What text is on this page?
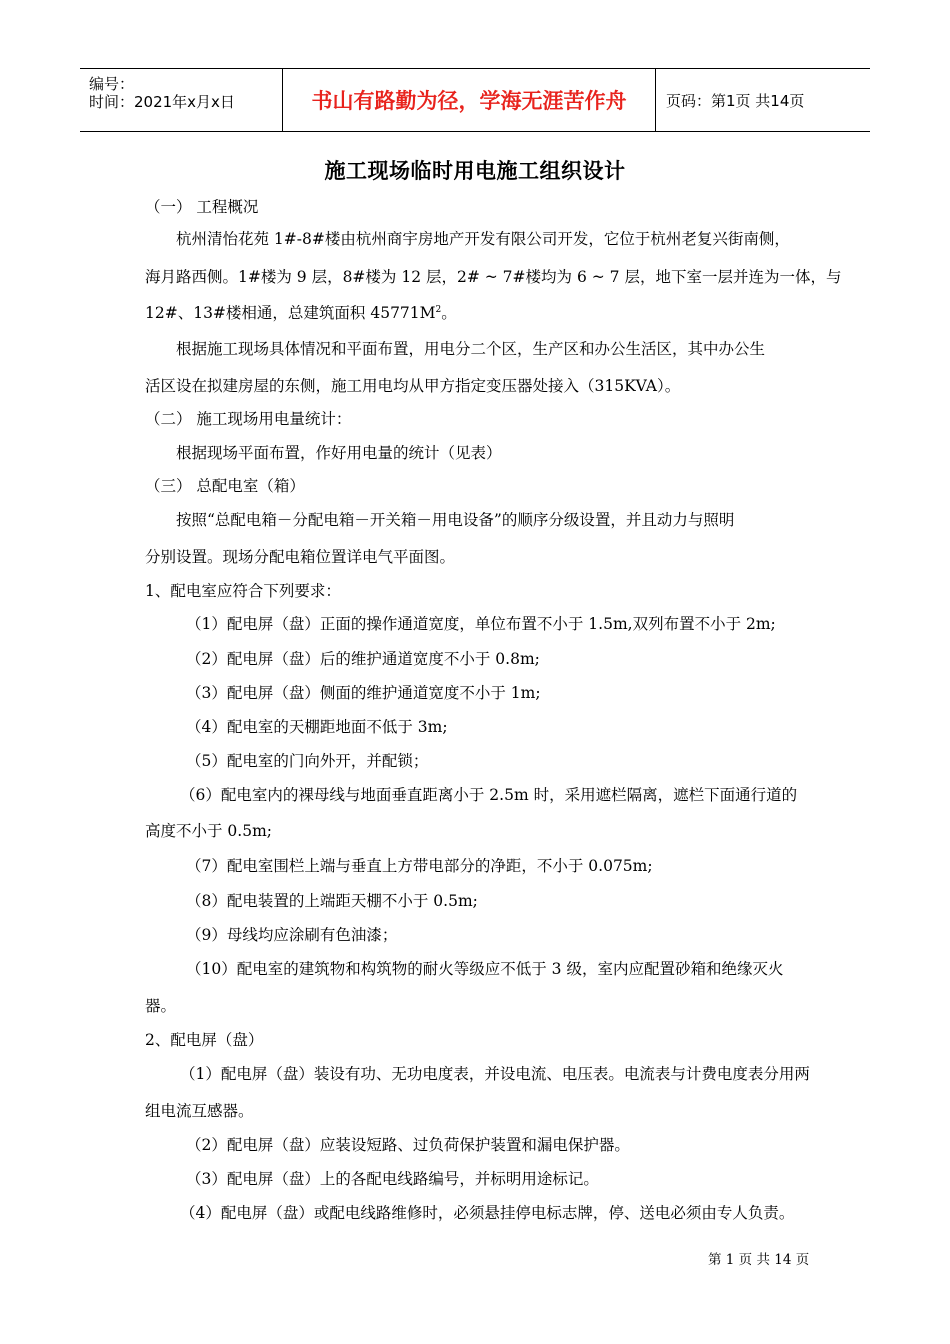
编号：
时间：2021年x月x日	书山有路勤为径，学海无涯苦作舟	页码：第1页 共14页
施工现场临时用电施工组织设计
（一） 工程概况
杭州清怡花苑 1#-8#楼由杭州商宇房地产开发有限公司开发，它位于杭州老复兴街南侧，
海月路西侧。1#楼为 9 层，8#楼为 12 层，2# ~ 7#楼均为 6 ~ 7 层，地下室一层并连为一体，与
12#、13#楼相通，总建筑面积 $45771M^2$。
根据施工现场具体情况和平面布置，用电分二个区，生产区和办公生活区，其中办公生
活区设在拟建房屋的东侧，施工用电均从甲方指定变压器处接入（315KVA）。
（二） 施工现场用电量统计：
根据现场平面布置，作好用电量的统计（见表）
（三） 总配电室（箱）
按照“总配电箱－分配电箱－开关箱－用电设备”的顺序分级设置，并且动力与照明
分别设置。现场分配电箱位置详电气平面图。
1、配电室应符合下列要求：
（1）配电屏（盘）正面的操作通道宽度，单位布置不小于 1.5m,双列布置不小于 2m;
（2）配电屏（盘）后的维护通道宽度不小于 0.8m;
（3）配电屏（盘）侧面的维护通道宽度不小于 1m;
（4）配电室的天棚距地面不低于 3m;
（5）配电室的门向外开，并配锁；
（6）配电室内的裸母线与地面垂直距离小于 2.5m 时，采用遮栏隔离，遮栏下面通行道的
高度不小于 0.5m;
（7）配电室围栏上端与垂直上方带电部分的净距，不小于 0.075m;
（8）配电装置的上端距天棚不小于 0.5m;
（9）母线均应涂刷有色油漆；
（10）配电室的建筑物和构筑物的耐火等级应不低于 3 级，室内应配置砂箱和绝缘灭火
器。
2、配电屏（盘）
（1）配电屏（盘）装设有功、无功电度表，并设电流、电压表。电流表与计费电度表分用两
组电流互感器。
（2）配电屏（盘）应装设短路、过负荷保护装置和漏电保护器。
（3）配电屏（盘）上的各配电线路编号，并标明用途标记。
（4）配电屏（盘）或配电线路维修时，必须悬挂停电标志牌，停、送电必须由专人负责。
第 1 页 共 14 页
